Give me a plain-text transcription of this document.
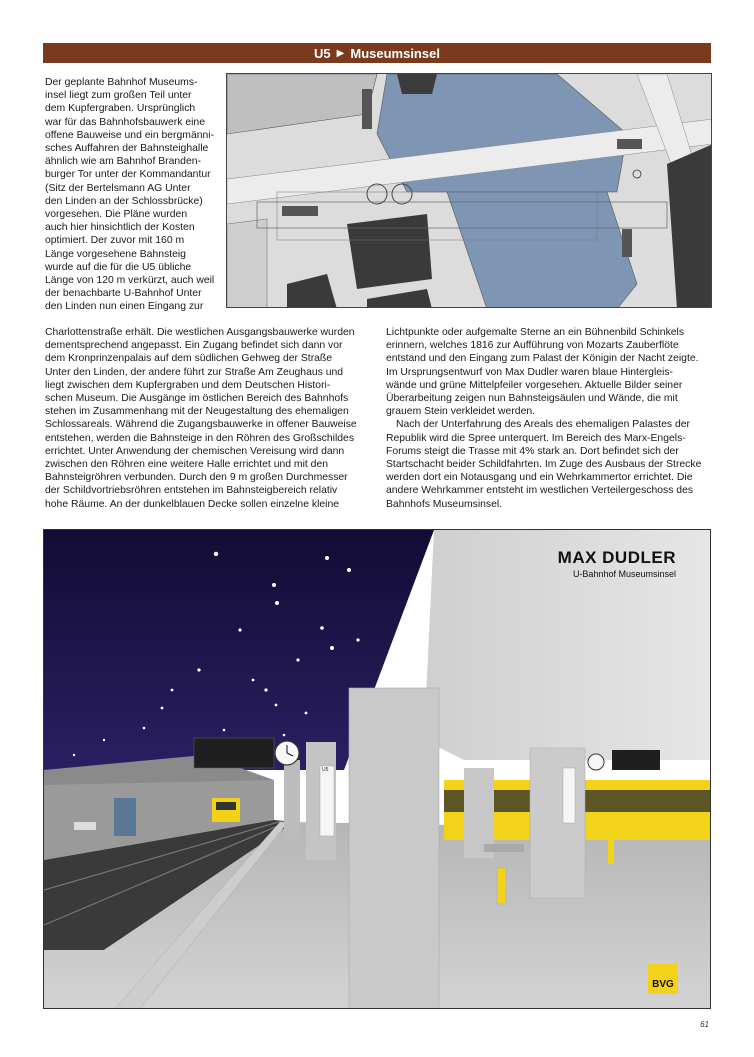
U5 ▶ Museumsinsel

Der geplante Bahnhof Museums-
insel liegt zum großen Teil unter
dem Kupfergraben. Ursprünglich
war für das Bahnhofsbauwerk eine
offene Bauweise und ein bergmänni-
sches Auffahren der Bahnsteighalle
ähnlich wie am Bahnhof Branden-
burger Tor unter der Kommandantur
(Sitz der Bertelsmann AG Unter
den Linden an der Schlossbrücke)
vorgesehen. Die Pläne wurden
auch hier hinsichtlich der Kosten
optimiert. Der zuvor mit 160 m
Länge vorgesehene Bahnsteig
wurde auf die für die U5 übliche
Länge von 120 m verkürzt, auch weil
der benachbarte U-Bahnhof Unter
den Linden nun einen Eingang zur

Charlottenstraße erhält. Die westlichen Ausgangsbauwerke wurden
dementsprechend angepasst. Ein Zugang befindet sich dann vor
dem Kronprinzenpalais auf dem südlichen Gehweg der Straße
Unter den Linden, der andere führt zur Straße Am Zeughaus und
liegt zwischen dem Kupfergraben und dem Deutschen Histori-
schen Museum. Die Ausgänge im östlichen Bereich des Bahnhofs
stehen im Zusammenhang mit der Neugestaltung des ehemaligen
Schlossareals. Während die Zugangsbauwerke in offener Bauweise
entstehen, werden die Bahnsteige in den Röhren des Großschildes
errichtet. Unter Anwendung der chemischen Vereisung wird dann
zwischen den Röhren eine weitere Halle errichtet und mit den
Bahnsteigröhren verbunden. Durch den 9 m großen Durchmesser
der Schildvortriebsröhren entstehen im Bahnsteigbereich relativ
hohe Räume. An der dunkelblauen Decke sollen einzelne kleine

Lichtpunkte oder aufgemalte Sterne an ein Bühnenbild Schinkels
erinnern, welches 1816 zur Aufführung von Mozarts Zauberflöte
entstand und den Eingang zum Palast der Königin der Nacht zeigte.
Im Ursprungsentwurf von Max Dudler waren blaue Hintergleis-
wände und grüne Mittelpfeiler vorgesehen. Aktuelle Bilder seiner
Überarbeitung zeigen nun Bahnsteigsäulen und Wände, die mit
grauem Stein verkleidet werden.

Nach der Unterfahrung des Areals des ehemaligen Palastes der
Republik wird die Spree unterquert. Im Bereich des Marx-Engels-
Forums steigt die Trasse mit 4% stark an. Dort befindet sich der
Startschacht beider Schildfahrten. Im Zuge des Ausbaus der Strecke
werden dort ein Notausgang und ein Wehrkammertor errichtet. Die
andere Wehrkammer entsteht im westlichen Verteilergeschoss des
Bahnhofs Museumsinsel.

U5
MAX DUDLER
U-Bahnhof Museumsinsel
BVG
61
